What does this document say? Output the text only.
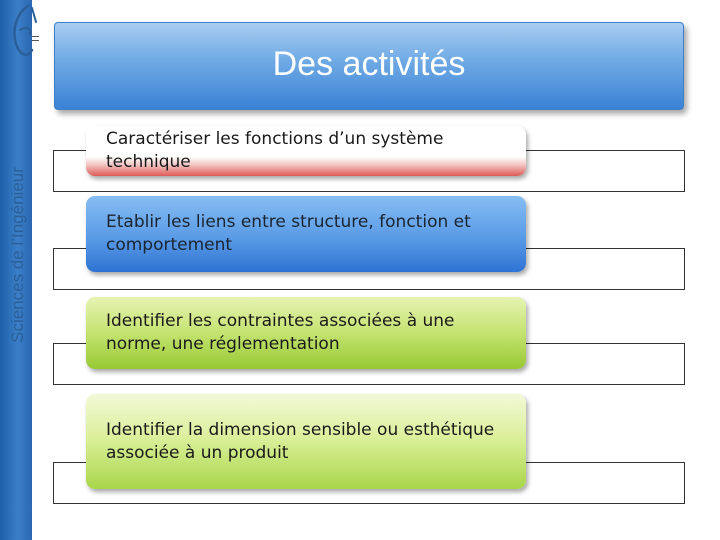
Sciences de l’Ingénieur
Des activités
Caractériser les fonctions d’un système technique
Etablir les liens entre structure, fonction et comportement
Identifier les contraintes associées à une norme, une réglementation
Identifier la dimension sensible ou esthétique associée à un produit
